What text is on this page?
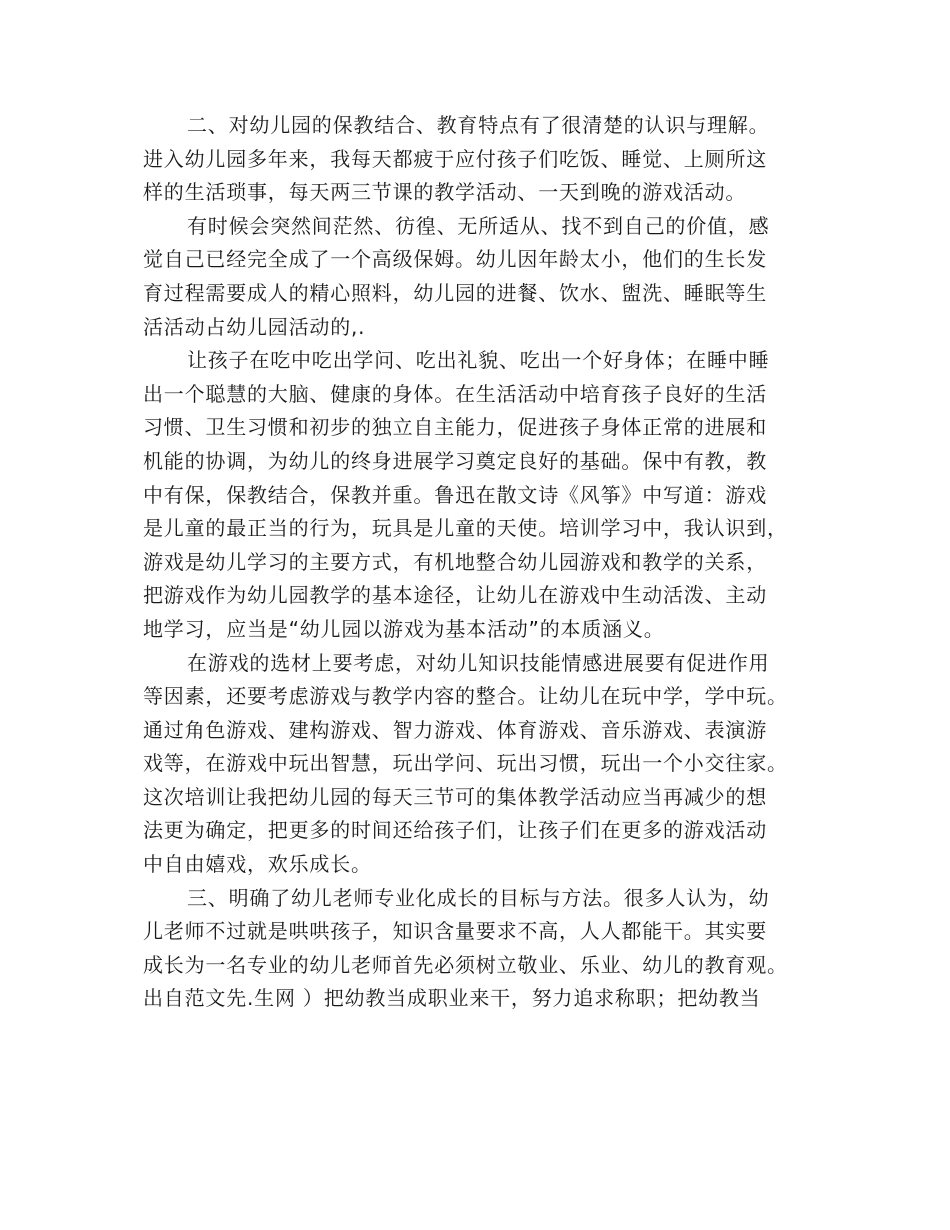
二、对幼儿园的保教结合、教育特点有了很清楚的认识与理解。
进入幼儿园多年来，我每天都疲于应付孩子们吃饭、睡觉、上厕所这
样的生活琐事，每天两三节课的教学活动、一天到晚的游戏活动。

有时候会突然间茫然、彷徨、无所适从、找不到自己的价值，感
觉自己已经完全成了一个高级保姆。幼儿因年龄太小，他们的生长发
育过程需要成人的精心照料，幼儿园的进餐、饮水、盥洗、睡眠等生
活活动占幼儿园活动的,.

让孩子在吃中吃出学问、吃出礼貌、吃出一个好身体；在睡中睡
出一个聪慧的大脑、健康的身体。在生活活动中培育孩子良好的生活
习惯、卫生习惯和初步的独立自主能力，促进孩子身体正常的进展和
机能的协调，为幼儿的终身进展学习奠定良好的基础。保中有教，教
中有保，保教结合，保教并重。鲁迅在散文诗《风筝》中写道：游戏
是儿童的最正当的行为，玩具是儿童的天使。培训学习中，我认识到，
游戏是幼儿学习的主要方式，有机地整合幼儿园游戏和教学的关系，
把游戏作为幼儿园教学的基本途径，让幼儿在游戏中生动活泼、主动
地学习，应当是“幼儿园以游戏为基本活动”的本质涵义。

在游戏的选材上要考虑，对幼儿知识技能情感进展要有促进作用
等因素，还要考虑游戏与教学内容的整合。让幼儿在玩中学，学中玩。
通过角色游戏、建构游戏、智力游戏、体育游戏、音乐游戏、表演游
戏等，在游戏中玩出智慧，玩出学问、玩出习惯，玩出一个小交往家。
这次培训让我把幼儿园的每天三节可的集体教学活动应当再减少的想
法更为确定，把更多的时间还给孩子们，让孩子们在更多的游戏活动
中自由嬉戏，欢乐成长。

三、明确了幼儿老师专业化成长的目标与方法。很多人认为，幼
儿老师不过就是哄哄孩子，知识含量要求不高，人人都能干。其实要
成长为一名专业的幼儿老师首先必须树立敬业、乐业、幼儿的教育观。
出自范文先.生网 ）把幼教当成职业来干，努力追求称职；把幼教当
